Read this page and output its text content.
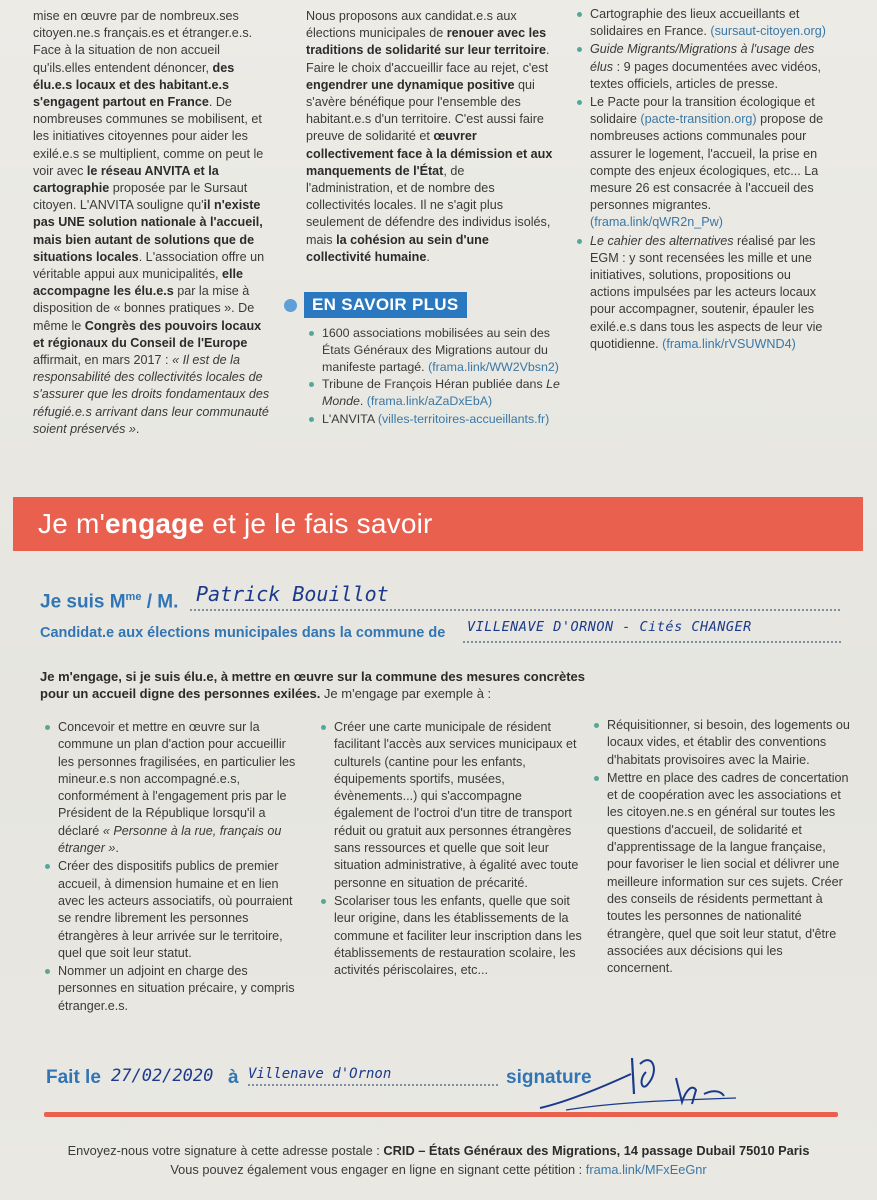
mise en œuvre par de nombreux.ses citoyen.ne.s français.es et étranger.e.s. Face à la situation de non accueil qu'ils.elles entendent dénoncer, des élu.e.s locaux et des habitant.e.s s'engagent partout en France. De nombreuses communes se mobilisent, et les initiatives citoyennes pour aider les exilé.e.s se multiplient, comme on peut le voir avec le réseau ANVITA et la cartographie proposée par le Sursaut citoyen. L'ANVITA souligne qu'il n'existe pas UNE solution nationale à l'accueil, mais bien autant de solutions que de situations locales. L'association offre un véritable appui aux municipalités, elle accompagne les élu.e.s par la mise à disposition de « bonnes pratiques ». De même le Congrès des pouvoirs locaux et régionaux du Conseil de l'Europe affirmait, en mars 2017 : « Il est de la responsabilité des collectivités locales de s'assurer que les droits fondamentaux des réfugié.e.s arrivant dans leur communauté soient préservés ».

Nous proposons aux candidat.e.s aux élections municipales de renouer avec les traditions de solidarité sur leur territoire. Faire le choix d'accueillir face au rejet, c'est engendrer une dynamique positive qui s'avère bénéfique pour l'ensemble des habitant.e.s d'un territoire. C'est aussi faire preuve de solidarité et œuvrer collectivement face à la démission et aux manquements de l'État, de l'administration, et de nombre des collectivités locales. Il ne s'agit plus seulement de défendre des individus isolés, mais la cohésion au sein d'une collectivité humaine.

EN SAVOIR PLUS
1600 associations mobilisées au sein des États Généraux des Migrations autour du manifeste partagé. (frama.link/WW2Vbsn2)
Tribune de François Héran publiée dans Le Monde. (frama.link/aZaDxEbA)
L'ANVITA (villes-territoires-accueillants.fr)
Cartographie des lieux accueillants et solidaires en France. (sursaut-citoyen.org)
Guide Migrants/Migrations à l'usage des élus : 9 pages documentées avec vidéos, textes officiels, articles de presse.
Le Pacte pour la transition écologique et solidaire (pacte-transition.org) propose de nombreuses actions communales pour assurer le logement, l'accueil, la prise en compte des enjeux écologiques, etc... La mesure 26 est consacrée à l'accueil des personnes migrantes. (frama.link/qWR2n_Pw)
Le cahier des alternatives réalisé par les EGM : y sont recensées les mille et une initiatives, solutions, propositions ou actions impulsées par les acteurs locaux pour accompagner, soutenir, épauler les exilé.e.s dans tous les aspects de leur vie quotidienne. (frama.link/rVSUWND4)
Je m'engage et je le fais savoir
Je suis $M^{me}$ / M. Patrick Bouillot
Candidat.e aux élections municipales dans la commune de VILLENAVE D'ORNON - Cités CHANGER
Je m'engage, si je suis élu.e, à mettre en œuvre sur la commune des mesures concrètes pour un accueil digne des personnes exilées. Je m'engage par exemple à :
Concevoir et mettre en œuvre sur la commune un plan d'action pour accueillir les personnes fragilisées, en particulier les mineur.e.s non accompagné.e.s, conformément à l'engagement pris par le Président de la République lorsqu'il a déclaré « Personne à la rue, français ou étranger ».
Créer des dispositifs publics de premier accueil, à dimension humaine et en lien avec les acteurs associatifs, où pourraient se rendre librement les personnes étrangères à leur arrivée sur le territoire, quel que soit leur statut.
Nommer un adjoint en charge des personnes en situation précaire, y compris étranger.e.s.
Créer une carte municipale de résident facilitant l'accès aux services municipaux et culturels (cantine pour les enfants, équipements sportifs, musées, évènements...) qui s'accompagne également de l'octroi d'un titre de transport réduit ou gratuit aux personnes étrangères sans ressources et quelle que soit leur situation administrative, à égalité avec toute personne en situation de précarité.
Scolariser tous les enfants, quelle que soit leur origine, dans les établissements de la commune et faciliter leur inscription dans les établissements de restauration scolaire, les activités périscolaires, etc...
Réquisitionner, si besoin, des logements ou locaux vides, et établir des conventions d'habitats provisoires avec la Mairie.
Mettre en place des cadres de concertation et de coopération avec les associations et les citoyen.ne.s en général sur toutes les questions d'accueil, de solidarité et d'apprentissage de la langue française, pour favoriser le lien social et délivrer une meilleure information sur ces sujets. Créer des conseils de résidents permettant à toutes les personnes de nationalité étrangère, quel que soit leur statut, d'être associées aux décisions qui les concernent.
Fait le 27/02/2020 à Villenave d'Ornon	signature
Envoyez-nous votre signature à cette adresse postale : CRID – États Généraux des Migrations, 14 passage Dubail 75010 Paris
Vous pouvez également vous engager en ligne en signant cette pétition : frama.link/MFxEeGnr
